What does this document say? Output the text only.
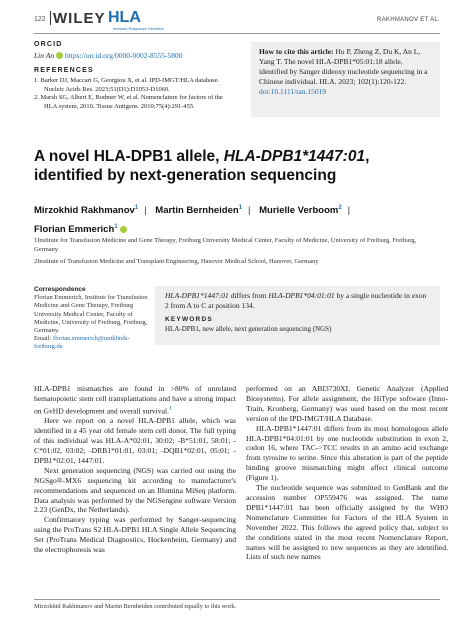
122 WILEY HLA
Immune Response Genetics
RAKHMANOV ET AL.
ORCID
Lin An https://orcid.org/0000-0002-8555-5800
REFERENCES
1. Barker DJ, Maccari G, Georgiou X, et al. IPD-IMGT/HLA database. Nucleic Acids Res. 2023;51(D1):D1053-D1060.
2. Marsh SG, Albert E, Bodmer W, et al. Nomenclature for factors of the HLA system, 2010. Tissue Antigens. 2010;75(4):291-455.

How to cite this article: Hu P, Zheng Z, Du K, An L, Yang T. The novel HLA-DPB1*05:01:18 allele, identified by Sanger dideoxy nucleotide sequencing in a Chinese individual. HLA. 2023; 102(1):120-122. doi:10.1111/tan.15019

A novel HLA-DPB1 allele, HLA-DPB1*1447:01, identified by next-generation sequencing
Mirzokhid Rakhmanov$^1$ | Martin Bernheiden$^1$ | Murielle Verboom$^2$ |
Florian Emmerich$^1$

1Institute for Transfusion Medicine and Gene Therapy, Freiburg University Medical Center, Faculty of Medicine, University of Freiburg, Freiburg, Germany

2Institute of Transfusion Medicine and Transplant Engineering, Hanover Medical School, Hanover, Germany

Correspondence
Florian Emmerich, Institute for Transfusion Medicine and Gene Therapy, Freiburg University Medical Center, Faculty of Medicine, University of Freiburg, Freiburg, Germany.
Email: florian.emmerich@uniklinik-freiburg.de

HLA-DPB1*1447:01 differs from HLA-DPB1*04:01:01 by a single nucleotide in exon 2 from A to C at position 134.

KEYWORDS
HLA-DPB1, new allele, next generation sequencing (NGS)

HLA-DPB1 mismatches are found in >80% of unrelated hematopoietic stem cell transplantations and have a strong impact on GvHD development and overall survival.$^1$

Here we report on a novel HLA-DPB1 allele, which was identified in a 45 year old female stem cell donor. The full typing of this individual was HLA-A*02:01, 30:02; -B*51:01, 58:01; -C*01:02, 03:02; -DRB1*01:01, 03:01; -DQB1*02:01, 05:01; -DPB1*02:01, 1447:01.

Next generation sequencing (NGS) was carried out using the NGSgo®-MX6 sequencing kit according to manufacturer's recommendations and sequenced on an Illumina MiSeq platform. Data analysis was performed by the NGSengine software Version 2.23 (GenDx, the Netherlands).

Confirmatory typing was performed by Sanger-sequencing using the ProTrans S2 HLA-DPB1 HLA Single Allele Sequencing Set (ProTrans Medical Diagnostics, Hockenheim, Germany) and the electrophoresis was

performed on an ABI3730XL Genetic Analyzer (Applied Biosystems). For allele assignment, the HiType software (Inno-Train, Kronberg, Germany) was used based on the most recent version of the IPD-IMGT/HLA Database.

HLA-DPB1*1447:01 differs from its most homologous allele HLA-DPB1*04:01:01 by one nucleotide substitution in exon 2, codon 16, where TAC->TCC results in an amino acid exchange from tyrosine to serine. Since this alteration is part of the peptide binding groove mismatching might affect clinical outcome (Figure 1).

The nucleotide sequence was submitted to GenBank and the accession number OP559476 was assigned. The name DPB1*1447:01 has been officially assigned by the WHO Nomenclature Committee for Factors of the HLA System in November 2022. This follows the agreed policy that, subject to the conditions stated in the most recent Nomenclature Report, names will be assigned to new sequences as they are identified. Lists of such new names

Mirzokhid Rakhmanov and Martin Bernheiden contributed equally to this work.
